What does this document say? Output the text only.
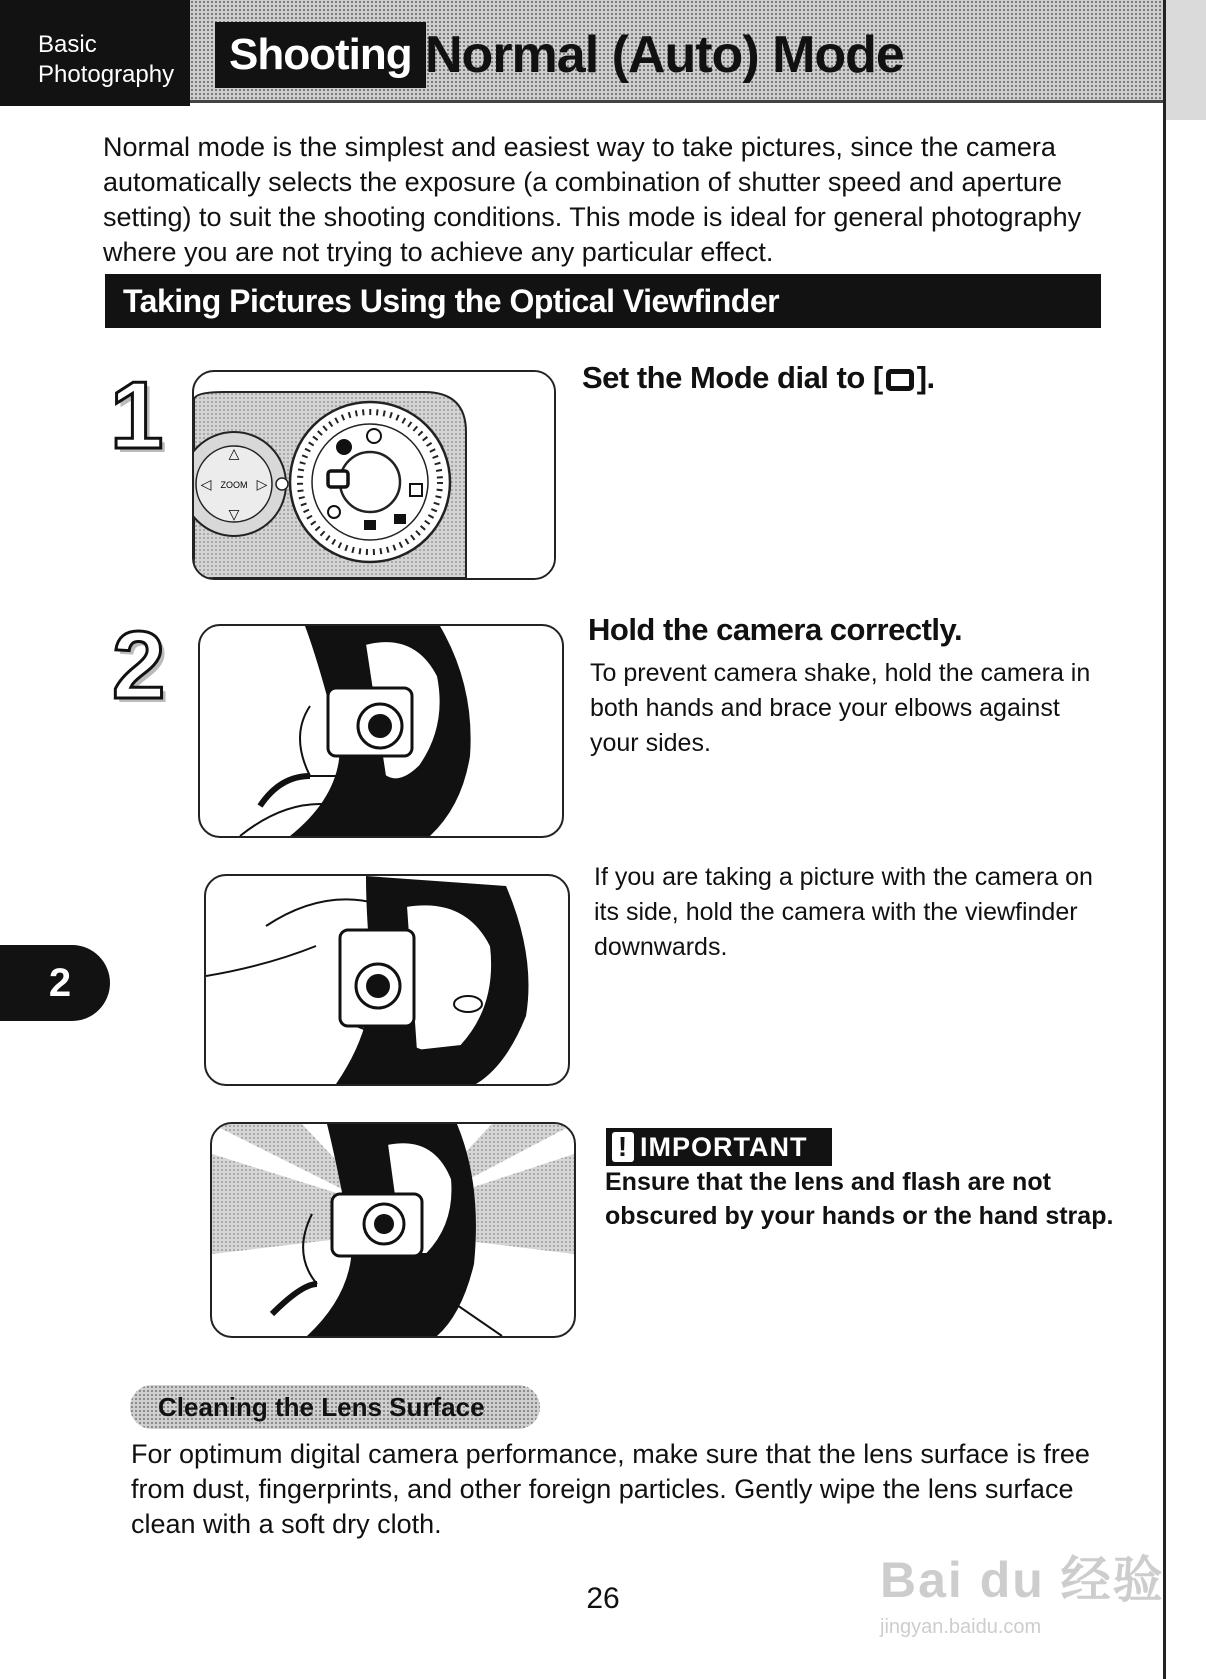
Basic
Photography	Shooting Normal (Auto) Mode
Normal mode is the simplest and easiest way to take pictures, since the camera automatically selects the exposure (a combination of shutter speed and aperture setting) to suit the shooting conditions. This mode is ideal for general photography where you are not trying to achieve any particular effect.
Taking Pictures Using the Optical Viewfinder
1	△
◁	▷
▽
ZOOM
Set the Mode dial to [ ].
2	Hold the camera correctly.
To prevent camera shake, hold the camera in both hands and brace your elbows against your sides.
If you are taking a picture with the camera on its side, hold the camera with the viewfinder downwards.
! IMPORTANT
Ensure that the lens and flash are not obscured by your hands or the hand strap.
Cleaning the Lens Surface
For optimum digital camera performance, make sure that the lens surface is free from dust, fingerprints, and other foreign particles. Gently wipe the lens surface clean with a soft dry cloth.
2
26	Bai du 经验
jingyan.baidu.com
